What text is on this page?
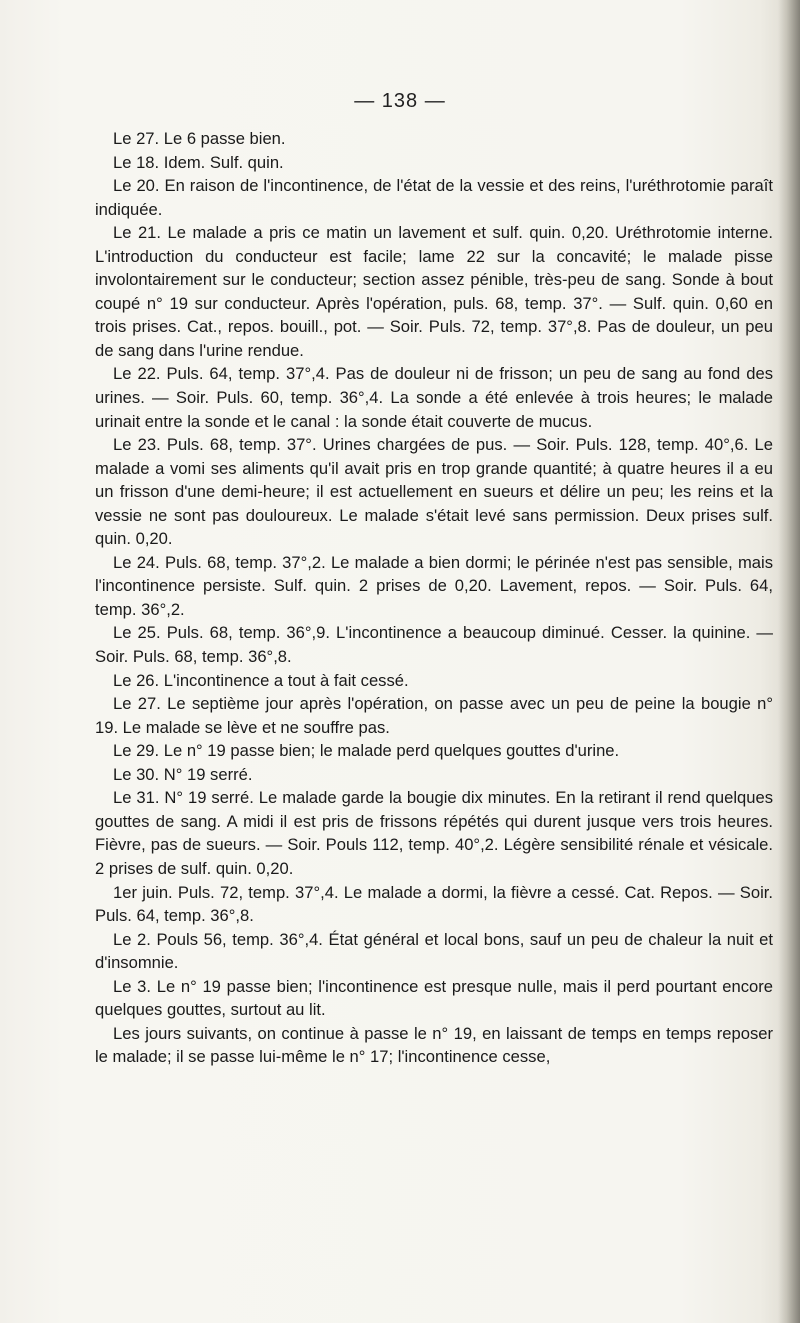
— 138 —

Le 27. Le 6 passe bien.

Le 18. Idem. Sulf. quin.

Le 20. En raison de l'incontinence, de l'état de la vessie et des reins, l'uréthrotomie paraît indiquée.

Le 21. Le malade a pris ce matin un lavement et sulf. quin. 0,20. Uréthrotomie interne. L'introduction du conducteur est facile; lame 22 sur la concavité; le malade pisse involontairement sur le conducteur; section assez pénible, très-peu de sang. Sonde à bout coupé n° 19 sur conducteur. Après l'opération, puls. 68, temp. 37°. — Sulf. quin. 0,60 en trois prises. Cat., repos. bouill., pot. — Soir. Puls. 72, temp. 37°,8. Pas de douleur, un peu de sang dans l'urine rendue.

Le 22. Puls. 64, temp. 37°,4. Pas de douleur ni de frisson; un peu de sang au fond des urines. — Soir. Puls. 60, temp. 36°,4. La sonde a été enlevée à trois heures; le malade urinait entre la sonde et le canal : la sonde était couverte de mucus.

Le 23. Puls. 68, temp. 37°. Urines chargées de pus. — Soir. Puls. 128, temp. 40°,6. Le malade a vomi ses aliments qu'il avait pris en trop grande quantité; à quatre heures il a eu un frisson d'une demi-heure; il est actuellement en sueurs et délire un peu; les reins et la vessie ne sont pas douloureux. Le malade s'était levé sans permission. Deux prises sulf. quin. 0,20.

Le 24. Puls. 68, temp. 37°,2. Le malade a bien dormi; le périnée n'est pas sensible, mais l'incontinence persiste. Sulf. quin. 2 prises de 0,20. Lavement, repos. — Soir. Puls. 64, temp. 36°,2.

Le 25. Puls. 68, temp. 36°,9. L'incontinence a beaucoup diminué. Cesser. la quinine. — Soir. Puls. 68, temp. 36°,8.

Le 26. L'incontinence a tout à fait cessé.

Le 27. Le septième jour après l'opération, on passe avec un peu de peine la bougie n° 19. Le malade se lève et ne souffre pas.

Le 29. Le n° 19 passe bien; le malade perd quelques gouttes d'urine.

Le 30. N° 19 serré.

Le 31. N° 19 serré. Le malade garde la bougie dix minutes. En la retirant il rend quelques gouttes de sang. A midi il est pris de frissons répétés qui durent jusque vers trois heures. Fièvre, pas de sueurs. — Soir. Pouls 112, temp. 40°,2. Légère sensibilité rénale et vésicale. 2 prises de sulf. quin. 0,20.

1er juin. Puls. 72, temp. 37°,4. Le malade a dormi, la fièvre a cessé. Cat. Repos. — Soir. Puls. 64, temp. 36°,8.

Le 2. Pouls 56, temp. 36°,4. État général et local bons, sauf un peu de chaleur la nuit et d'insomnie.

Le 3. Le n° 19 passe bien; l'incontinence est presque nulle, mais il perd pourtant encore quelques gouttes, surtout au lit.

Les jours suivants, on continue à passe le n° 19, en laissant de temps en temps reposer le malade; il se passe lui-même le n° 17; l'incontinence cesse,
